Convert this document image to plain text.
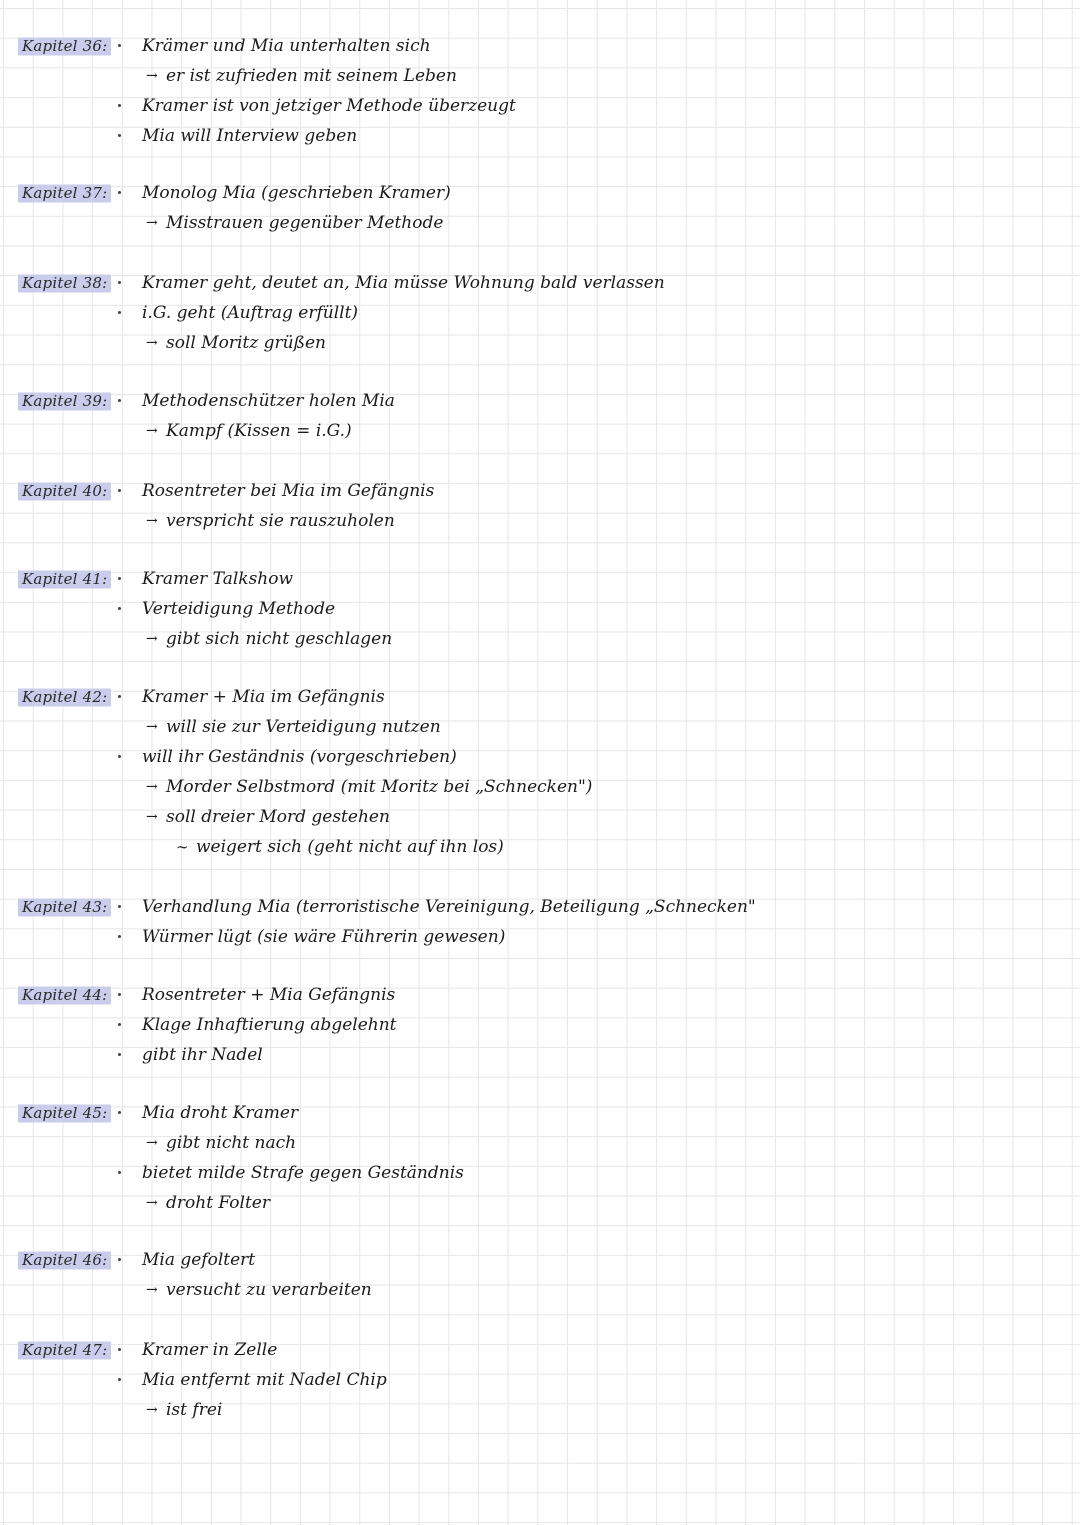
Kapitel 36: Krämer und Mia unterhalten sich
→ er ist zufrieden mit seinem Leben
Kramer ist von jetziger Methode überzeugt
Mia will Interview geben
Kapitel 37: Monolog Mia (geschrieben Kramer)
→ Misstrauen gegenüber Methode
Kapitel 38: Kramer geht, deutet an, Mia müsse Wohnung bald verlassen
i.G. geht (Auftrag erfüllt)
→ soll Moritz grüßen
Kapitel 39: Methodenschützer holen Mia
→ Kampf (Kissen = i.G.)
Kapitel 40: Rosentreter bei Mia im Gefängnis
→ verspricht sie rauszuholen
Kapitel 41: Kramer Talkshow
Verteidigung Methode
→ gibt sich nicht geschlagen
Kapitel 42: Kramer + Mia im Gefängnis
→ will sie zur Verteidigung nutzen
will ihr Geständnis (vorgeschrieben)
→ Morder Selbstmord (mit Moritz bei „Schnecken")
→ soll dreier Mord gestehen
∼ weigert sich (geht nicht auf ihn los)
Kapitel 43: Verhandlung Mia (terroristische Vereinigung, Beteiligung „Schnecken"
Würmer lügt (sie wäre Führerin gewesen)
Kapitel 44: Rosentreter + Mia Gefängnis
Klage Inhaftierung abgelehnt
gibt ihr Nadel
Kapitel 45: Mia droht Kramer
→ gibt nicht nach
bietet milde Strafe gegen Geständnis
→ droht Folter
Kapitel 46: Mia gefoltert
→ versucht zu verarbeiten
Kapitel 47: Kramer in Zelle
Mia entfernt mit Nadel Chip
→ ist frei
